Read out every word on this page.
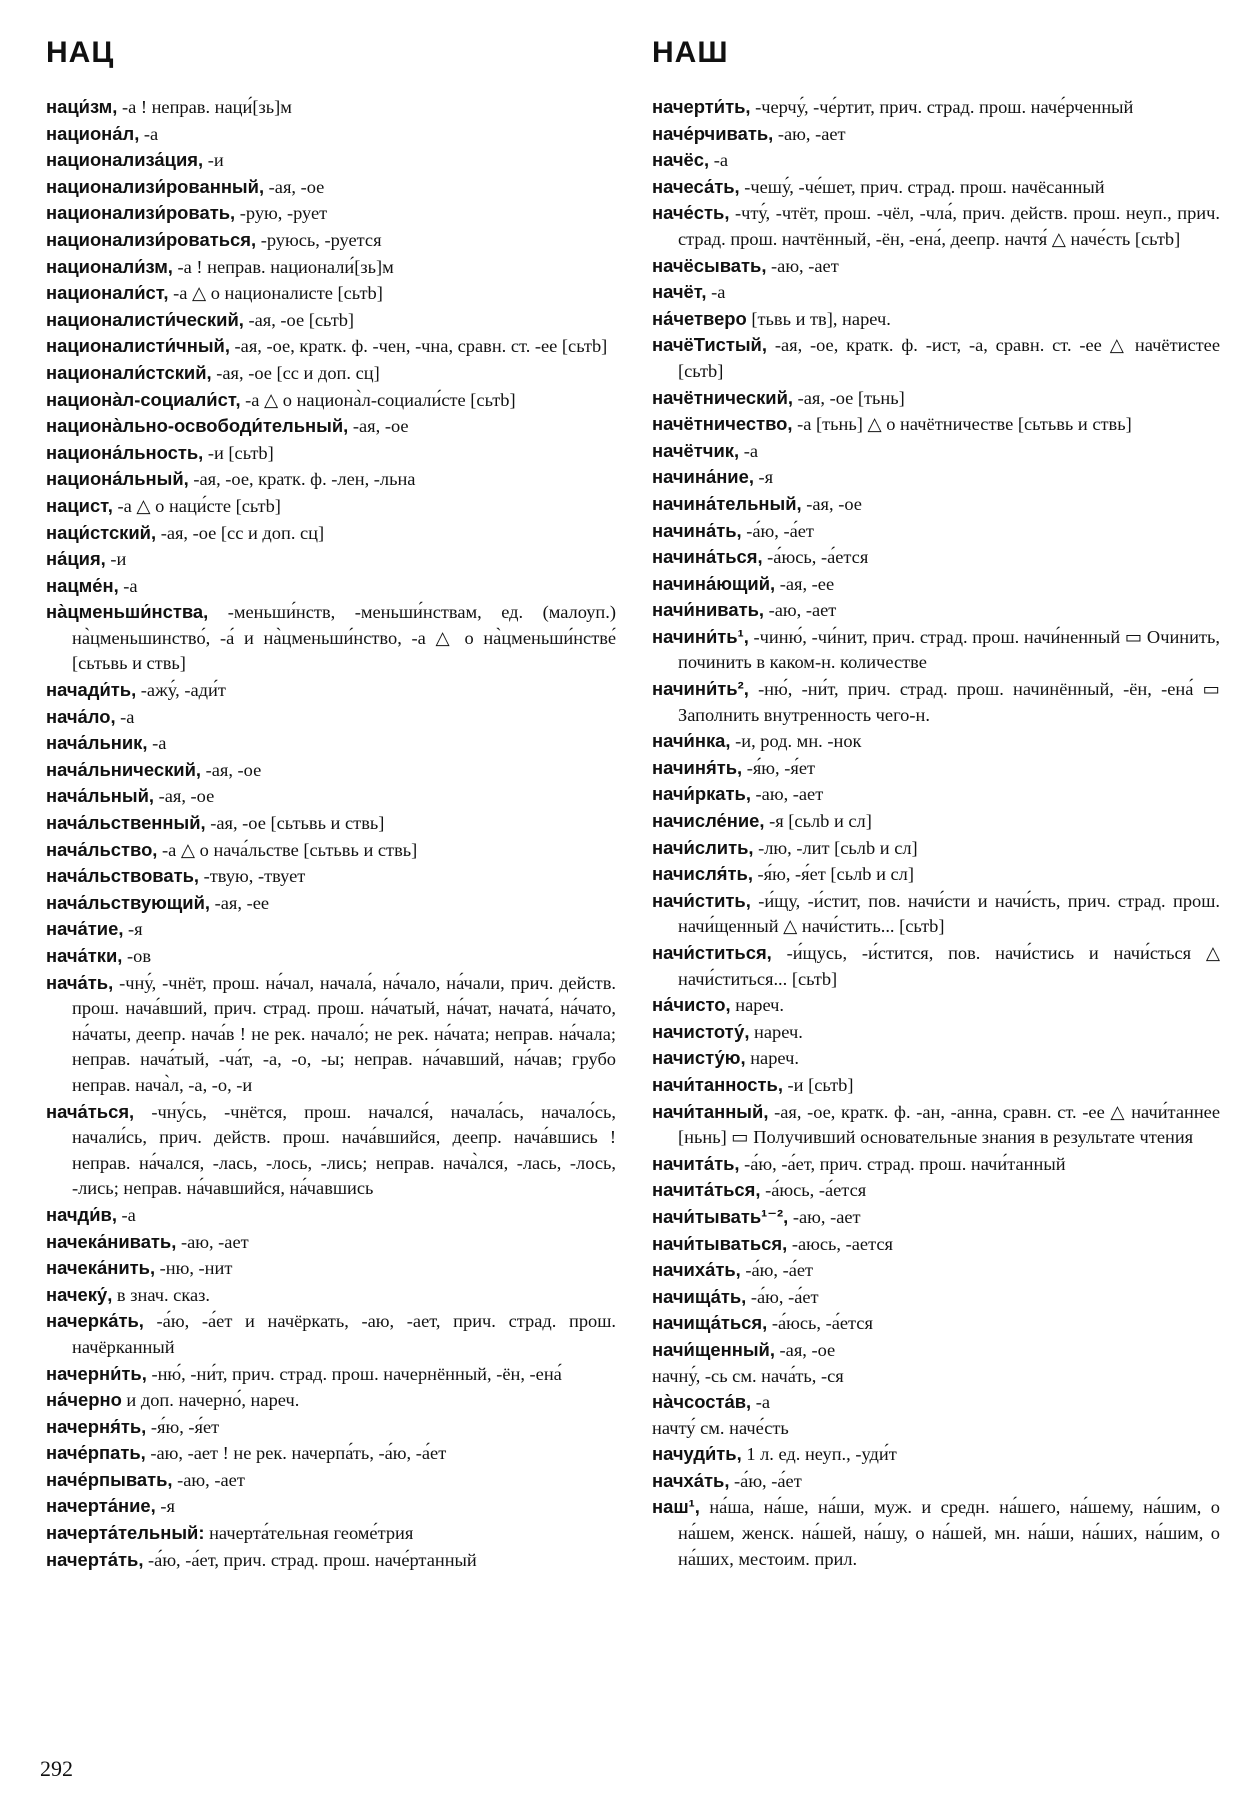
НАЦ	НАШ

наци́зм, -а ! неправ. наци́[зь]м

национа́л, -а

национализа́ция, -и

национализи́рованный, -ая, -ое

национализи́ровать, -рую, -рует

национализи́роваться, -руюсь, -руется

национали́зм, -а ! неправ. национали́[зь]м

национали́ст, -а △ о националисте [сьтb]

националисти́ческий, -ая, -ое [сьтb]

националисти́чный, -ая, -ое, кратк. ф. -чен, -чна, сравн. ст. -ее [сьтb]

национали́стский, -ая, -ое [сс и доп. сц]

национа̀л-социали́ст, -а △ о национа̀л-социали́сте [сьтb]

национа̀льно-освободи́тельный, -ая, -ое

национа́льность, -и [сьтb]

национа́льный, -ая, -ое, кратк. ф. -лен, -льна

нацист, -а △ о наци́сте [сьтb]

наци́стский, -ая, -ое [сс и доп. сц]

на́ция, -и

нацме́н, -а

на̀цменьши́нства, -меньши́нств, -меньши́нствам, ед. (малоуп.) на̀цменьшинство́, -а́ и на̀цменьши́нство, -а △ о на̀цменьши́нстве́ [сьтьвь и ствь]

начади́ть, -ажу́, -ади́т

нача́ло, -а

нача́льник, -а

нача́льнический, -ая, -ое

нача́льный, -ая, -ое

нача́льственный, -ая, -ое [сьтьвь и ствь]

нача́льство, -а △ о нача́льстве [сьтьвь и ствь]

нача́льствовать, -твую, -твует

нача́льствующий, -ая, -ее

нача́тие, -я

нача́тки, -ов

нача́ть, -чну́, -чнёт, прош. на́чал, начала́, на́чало, на́чали, прич. действ. прош. нача́вший, прич. страд. прош. на́чатый, на́чат, начата́, на́чато, на́чаты, деепр. нача́в ! не рек. начало́; не рек. на́чата; неправ. на́чала; неправ. нача́тый, -ча́т, -а, -о, -ы; неправ. на́чавший, на́чав; грубо неправ. нача̀л, -а, -о, -и

нача́ться, -чну́сь, -чнётся, прош. начался́, начала́сь, начало́сь, начали́сь, прич. действ. прош. нача́вшийся, деепр. нача́вшись ! неправ. на́чался, -лась, -лось, -лись; неправ. нача̀лся, -лась, -лось, -лись; неправ. на́чавшийся, на́чавшись

начди́в, -а

начека́нивать, -аю, -ает

начека́нить, -ню, -нит

начеку́, в знач. сказ.

начерка́ть, -а́ю, -а́ет и начёркать, -аю, -ает, прич. страд. прош. начёрканный

начерни́ть, -ню́, -ни́т, прич. страд. прош. начернённый, -ён, -ена́

на́черно и доп. начерно́, нареч.

начерня́ть, -я́ю, -я́ет

наче́рпать, -аю, -ает ! не рек. начерпа́ть, -а́ю, -а́ет

наче́рпывать, -аю, -ает

начерта́ние, -я

начерта́тельный: начерта́тельная геоме́трия

начерта́ть, -а́ю, -а́ет, прич. страд. прош. наче́ртанный

начерти́ть, -черчу́, -че́ртит, прич. страд. прош. наче́рченный

наче́рчивать, -аю, -ает

начёс, -а

начеса́ть, -чешу́, -че́шет, прич. страд. прош. начёсанный

наче́сть, -чту́, -чтёт, прош. -чёл, -чла́, прич. действ. прош. неуп., прич. страд. прош. начтённый, -ён, -ена́, деепр. начтя́ △ наче́сть [сьтb]

начёсывать, -аю, -ает

начёт, -а

на́четверо [тьвь и тв], нареч.

начёТистый, -ая, -ое, кратк. ф. -ист, -а, сравн. ст. -ее △ начётистее [сьтb]

начётнический, -ая, -ое [тьнь]

начётничество, -а [тьнь] △ о начётничестве [сьтьвь и ствь]

начётчик, -а

начина́ние, -я

начина́тельный, -ая, -ое

начина́ть, -а́ю, -а́ет

начина́ться, -а́юсь, -а́ется

начина́ющий, -ая, -ее

начи́нивать, -аю, -ает

начини́ть¹, -чиню́, -чи́нит, прич. страд. прош. начи́ненный ▭ Очинить, починить в каком-н. количестве

начини́ть², -ню́, -ни́т, прич. страд. прош. начинённый, -ён, -ена́ ▭ Заполнить внутренность чего-н.

начи́нка, -и, род. мн. -нок

начиня́ть, -я́ю, -я́ет

начи́ркать, -аю, -ает

начисле́ние, -я [сьлb и сл]

начи́слить, -лю, -лит [сьлb и сл]

начисля́ть, -я́ю, -я́ет [сьлb и сл]

начи́стить, -и́щу, -и́стит, пов. начи́сти и начи́сть, прич. страд. прош. начи́щенный △ начи́стить... [сьтb]

начи́ститься, -и́щусь, -и́стится, пов. начи́стись и начи́сться △ начи́ститься... [сьтb]

на́чисто, нареч.

начистоту́, нареч.

начисту́ю, нареч.

начи́танность, -и [сьтb]

начи́танный, -ая, -ое, кратк. ф. -ан, -анна, сравн. ст. -ее △ начи́таннее [ньнь] ▭ Получивший основательные знания в результате чтения

начита́ть, -а́ю, -а́ет, прич. страд. прош. начи́танный

начита́ться, -а́юсь, -а́ется

начи́тывать¹⁻², -аю, -ает

начи́тываться, -аюсь, -ается

начиха́ть, -а́ю, -а́ет

начища́ть, -а́ю, -а́ет

начища́ться, -а́юсь, -а́ется

начи́щенный, -ая, -ое

начну́, -сь см. нача́ть, -ся

на̀чсоста́в, -а

начту́ см. наче́сть

начуди́ть, 1 л. ед. неуп., -уди́т

начха́ть, -а́ю, -а́ет

наш¹, на́ша, на́ше, на́ши, муж. и средн. на́шего, на́шему, на́шим, о на́шем, женск. на́шей, на́шу, о на́шей, мн. на́ши, на́ших, на́шим, о на́ших, местоим. прил.

292
